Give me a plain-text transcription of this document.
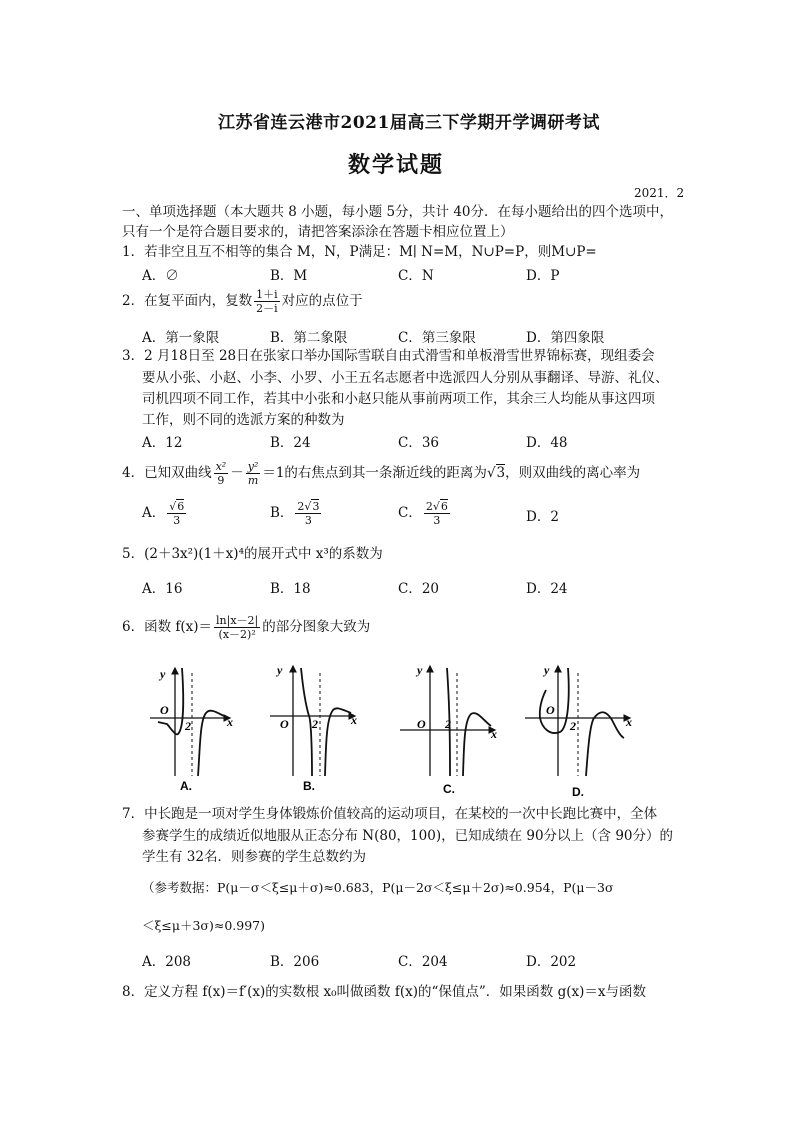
江苏省连云港市2021届高三下学期开学调研考试
数学试题
2021．2
一、单项选择题（本大题共 8 小题，每小题 5分，共计 40分．在每小题给出的四个选项中，
只有一个是符合题目要求的，请把答案添涂在答题卡相应位置上）
1．若非空且互不相等的集合 M，N，P满足：M∣ N=M，N∪P=P，则M∪P=
A．∅	B．M	C．N	D．P
2．在复平面内，复数 $\frac{1+i}{2-i}$ 对应的点位于
A．第一象限	B．第二象限	C．第三象限	D．第四象限
3．2 月18日至 28日在张家口举办国际雪联自由式滑雪和单板滑雪世界锦标赛，现组委会
要从小张、小赵、小李、小罗、小王五名志愿者中选派四人分别从事翻译、导游、礼仪、
司机四项不同工作，若其中小张和小赵只能从事前两项工作，其余三人均能从事这四项
工作，则不同的选派方案的种数为
A．12	B．24	C．36	D．48
4．已知双曲线 $\frac{\text{x²}}{9} - \frac{\text{y²}}{m} =1$的右焦点到其一条渐近线的距离为√3，则双曲线的离心率为
A． $\frac{√6}{3}$	B． $\frac{2√3}{3}$	C． $\frac{2√6}{3}$	D．2
5．(2＋3x²)(1＋x)⁴的展开式中 x³的系数为
A．16	B．18	C．20	D．24
6．函数 $f(x)= \frac{\ln|x-2|}{\text{(x－2)²}}$ 的部分图象大致为
y
x
O
2
A.
y
x
O 2
B.
y
x
O 2
C.
y
x
O
2
D.
7．中长跑是一项对学生身体锻炼价值较高的运动项目，在某校的一次中长跑比赛中，全体
参赛学生的成绩近似地服从正态分布 N(80，100)，已知成绩在 90分以上（含 90分）的
学生有 32名．则参赛的学生总数约为
（参考数据：P(μ－σ＜ξ≤μ＋σ)≈0.683，P(μ－2σ＜ξ≤μ＋2σ)≈0.954，P(μ－3σ
＜ξ≤μ＋3σ)≈0.997)
A．208	B．206	C．204	D．202
8．定义方程 f(x)＝f′(x)的实数根 x₀叫做函数 f(x)的“保值点”．如果函数 g(x)＝x与函数
